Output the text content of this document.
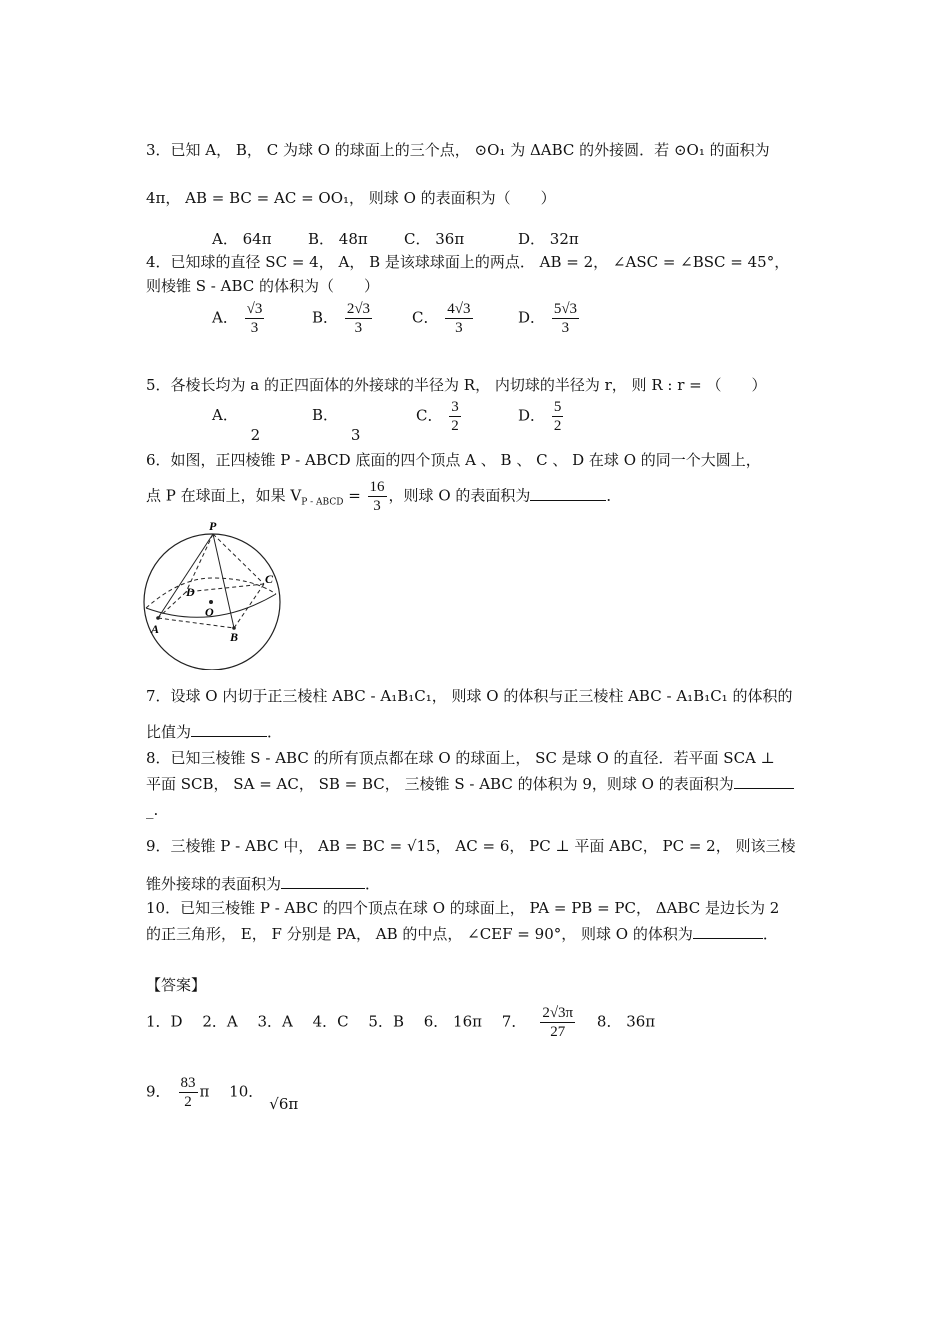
3．已知 A， B， C 为球 O 的球面上的三个点， ⊙O₁ 为 ΔABC 的外接圆．若 ⊙O₁ 的面积为
4π， AB = BC = AC = OO₁， 则球 O 的表面积为（　　）
A． 64π B． 48π C． 36π	D． 32π
4．已知球的直径 SC = 4， A， B 是该球球面上的两点． AB = 2， ∠ASC = ∠BSC = 45°，
则棱锥 S - ABC 的体积为（　　）
A． $\frac{√3}{3}$	B． $\frac{2√3}{3}$	C． $\frac{4√3}{3}$	D． $\frac{5√3}{3}$
5．各棱长均为 a 的正四面体的外接球的半径为 R， 内切球的半径为 r， 则 R : r = （　　）
A． 2
B． 3
C． $\frac{3}{2}$	D． $\frac{5}{2}$
6．如图，正四棱锥 P - ABCD 底面的四个顶点 A 、 B 、 C 、 D 在球 O 的同一个大圆上，
点 P 在球面上，如果 $V_{P - ABCD} = \frac{16}{3}$ ，则球 O 的表面积为	．
P
C
D
O
A
B
7．设球 O 内切于正三棱柱 ABC - A₁B₁C₁， 则球 O 的体积与正三棱柱 ABC - A₁B₁C₁ 的体积的
比值为	．
8．已知三棱锥 S - ABC 的所有顶点都在球 O 的球面上， SC 是球 O 的直径．若平面 SCA ⊥
平面 SCB， SA = AC， SB = BC， 三棱锥 S - ABC 的体积为 9，则球 O 的表面积为
_.
9．三棱锥 P - ABC 中， AB = BC = √15， AC = 6， PC ⊥ 平面 ABC， PC = 2， 则该三棱
锥外接球的表面积为	．
10．已知三棱锥 P - ABC 的四个顶点在球 O 的球面上， PA = PB = PC， ΔABC 是边长为 2
的正三角形， E， F 分别是 PA， AB 的中点， ∠CEF = 90°， 则球 O 的体积为	．
【答案】
1．D　 2．A　 3．A　 4．C　 5．B　 6． 16π　 7． $\frac{2√3\pi}{27}$ 　 8． 36π
9． $\frac{83}{2}$ π　 10．√6π
